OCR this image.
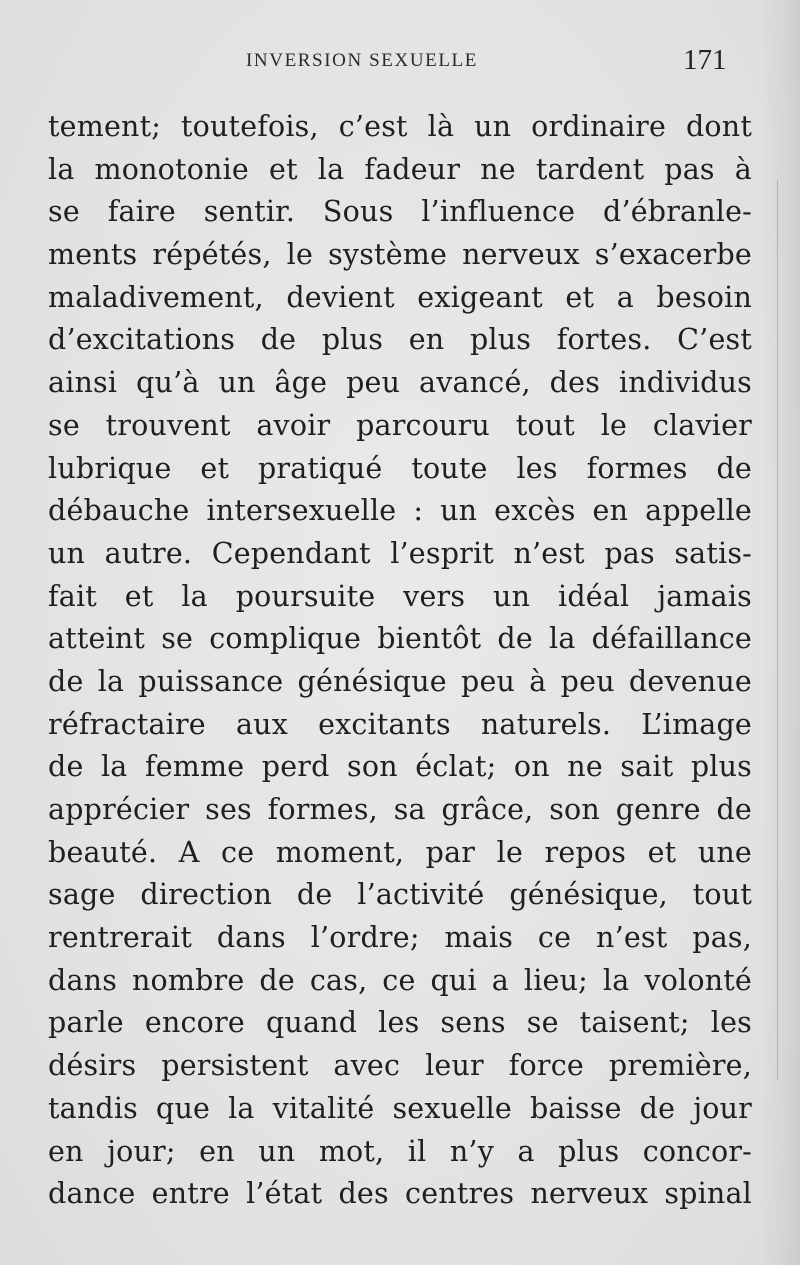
INVERSION SEXUELLE	171
tement; toutefois, c’est là un ordinaire dont
la monotonie et la fadeur ne tardent pas à
se faire sentir. Sous l’influence d’ébranle-
ments répétés, le système nerveux s’exacerbe
maladivement, devient exigeant et a besoin
d’excitations de plus en plus fortes. C’est
ainsi qu’à un âge peu avancé, des individus
se trouvent avoir parcouru tout le clavier
lubrique et pratiqué toute les formes de
débauche intersexuelle : un excès en appelle
un autre. Cependant l’esprit n’est pas satis-
fait et la poursuite vers un idéal jamais
atteint se complique bientôt de la défaillance
de la puissance génésique peu à peu devenue
réfractaire aux excitants naturels. L’image
de la femme perd son éclat; on ne sait plus
apprécier ses formes, sa grâce, son genre de
beauté. A ce moment, par le repos et une
sage direction de l’activité génésique, tout
rentrerait dans l’ordre; mais ce n’est pas,
dans nombre de cas, ce qui a lieu; la volonté
parle encore quand les sens se taisent; les
désirs persistent avec leur force première,
tandis que la vitalité sexuelle baisse de jour
en jour; en un mot, il n’y a plus concor-
dance entre l’état des centres nerveux spinal
